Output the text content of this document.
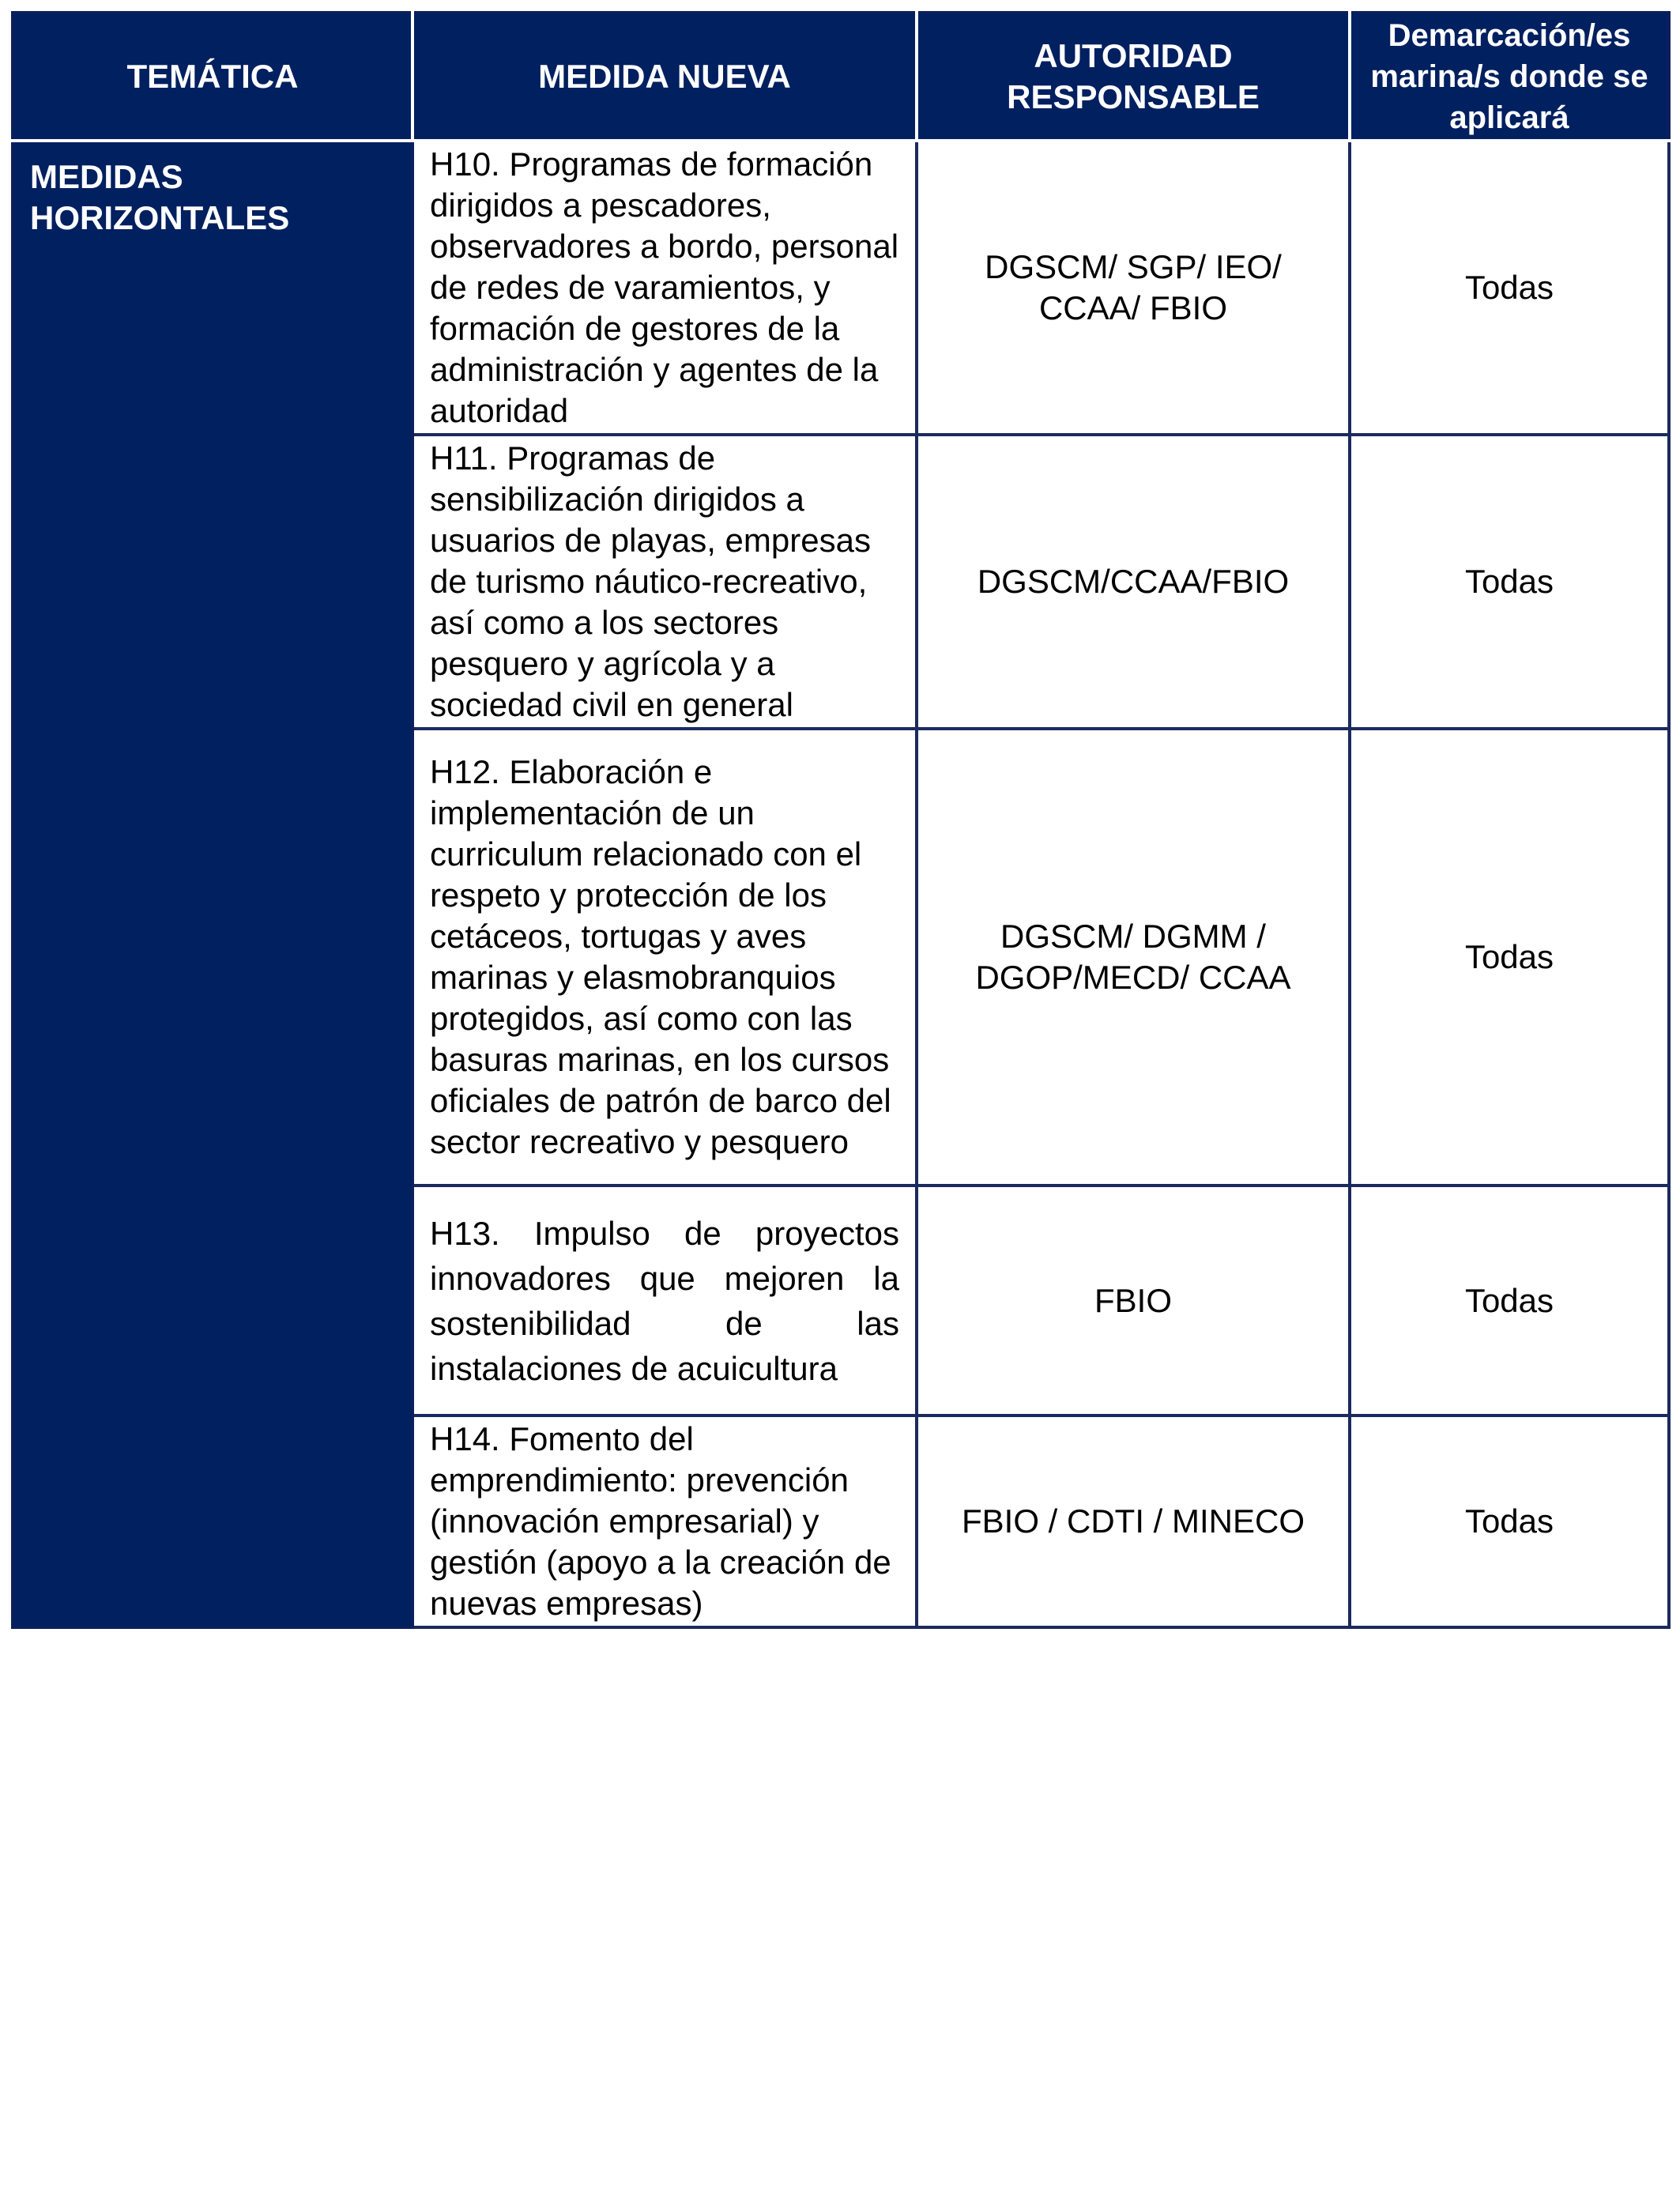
TEMÁTICA	MEDIDA NUEVA	AUTORIDAD RESPONSABLE	Demarcación/es marina/s donde se aplicará
MEDIDAS HORIZONTALES	H10. Programas de formación dirigidos a pescadores, observadores a bordo, personal de redes de varamientos, y formación de gestores de la administración y agentes de la autoridad	DGSCM/ SGP/ IEO/ CCAA/ FBIO	Todas
	H11. Programas de sensibilización dirigidos a usuarios de playas, empresas de turismo náutico-recreativo, así como a los sectores pesquero y agrícola y a sociedad civil en general	DGSCM/CCAA/FBIO	Todas
	H12. Elaboración e implementación de un curriculum relacionado con el respeto y protección de los cetáceos, tortugas y aves marinas y elasmobranquios protegidos, así como con las basuras marinas, en los cursos oficiales de patrón de barco del sector recreativo y pesquero	DGSCM/ DGMM / DGOP/MECD/ CCAA	Todas
	H13. Impulso de proyectos innovadores que mejoren la sostenibilidad de las instalaciones de acuicultura	FBIO	Todas
	H14. Fomento del emprendimiento: prevención (innovación empresarial) y gestión (apoyo a la creación de nuevas empresas)	FBIO / CDTI / MINECO	Todas
